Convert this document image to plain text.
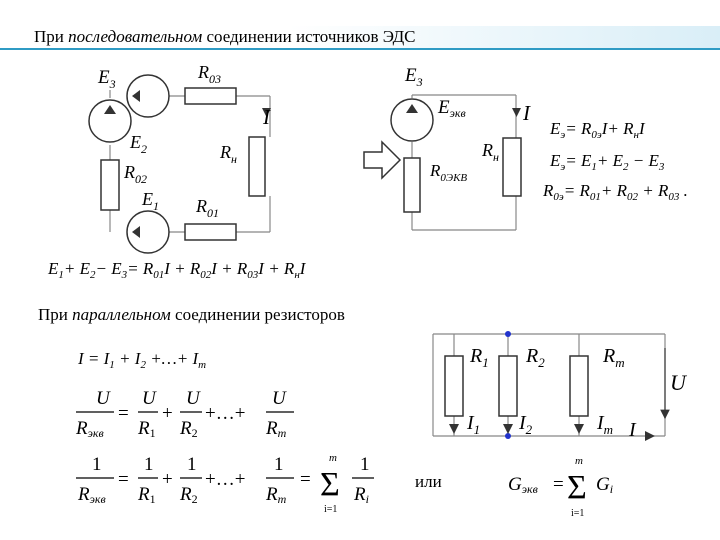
При последовательном соединении источников ЭДС
При параллельном соединении резисторов
$E_3$
$R_{03}$
I
$E_2$	$R_н$
$R_{02}$
$E_1$ $R_{01}$
$E_3$
$E_{экв}$	I
$R_н$
$R_{0ЭКВ}$
$E_э= R_{0э}I+ R_нI$
$E_э= E_1+ E_2 - E_3$
$R_{0э}= R_{01}+ R_{02} + R_{03}$ .
$E_1+ E_2- E_3= R_{01}I + R_{02}I + R_{03}I + R_нI$
$I = I_1 + I_2$ +…+ $I_m$
U
Rэкв
=
U
R1
+
U
R2
+…+
U
Rm
1
Rэкв
=
1
R1
+
1
R2
+…+
1
Rm
=
m
Σ
i=1
1
Ri
или	Gэкв =
m
Σ
i=1
Gi
$R_1$ $R_2$	$R_m$
$I_1$ $I_2$	$I_m$ I
U
